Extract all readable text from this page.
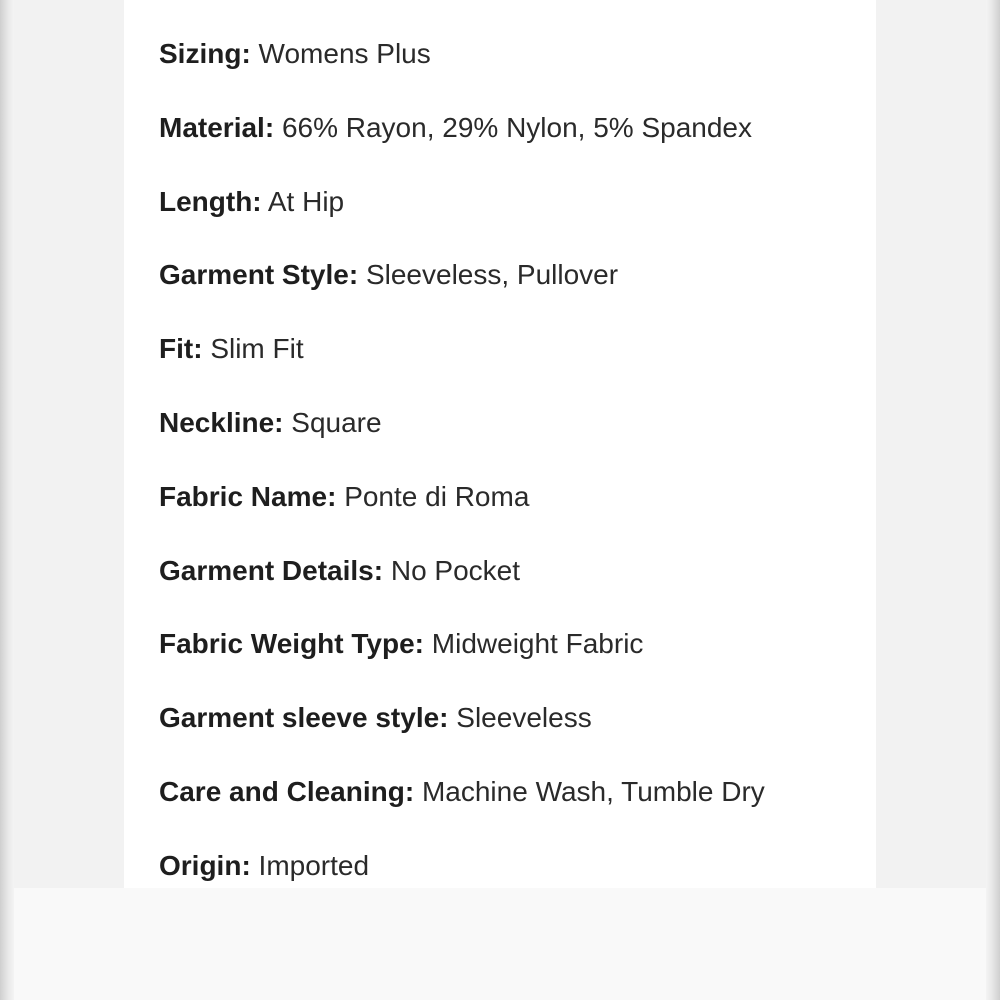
Sizing: Womens Plus
Material: 66% Rayon, 29% Nylon, 5% Spandex
Length: At Hip
Garment Style: Sleeveless, Pullover
Fit: Slim Fit
Neckline: Square
Fabric Name: Ponte di Roma
Garment Details: No Pocket
Fabric Weight Type: Midweight Fabric
Garment sleeve style: Sleeveless
Care and Cleaning: Machine Wash, Tumble Dry
Origin: Imported
